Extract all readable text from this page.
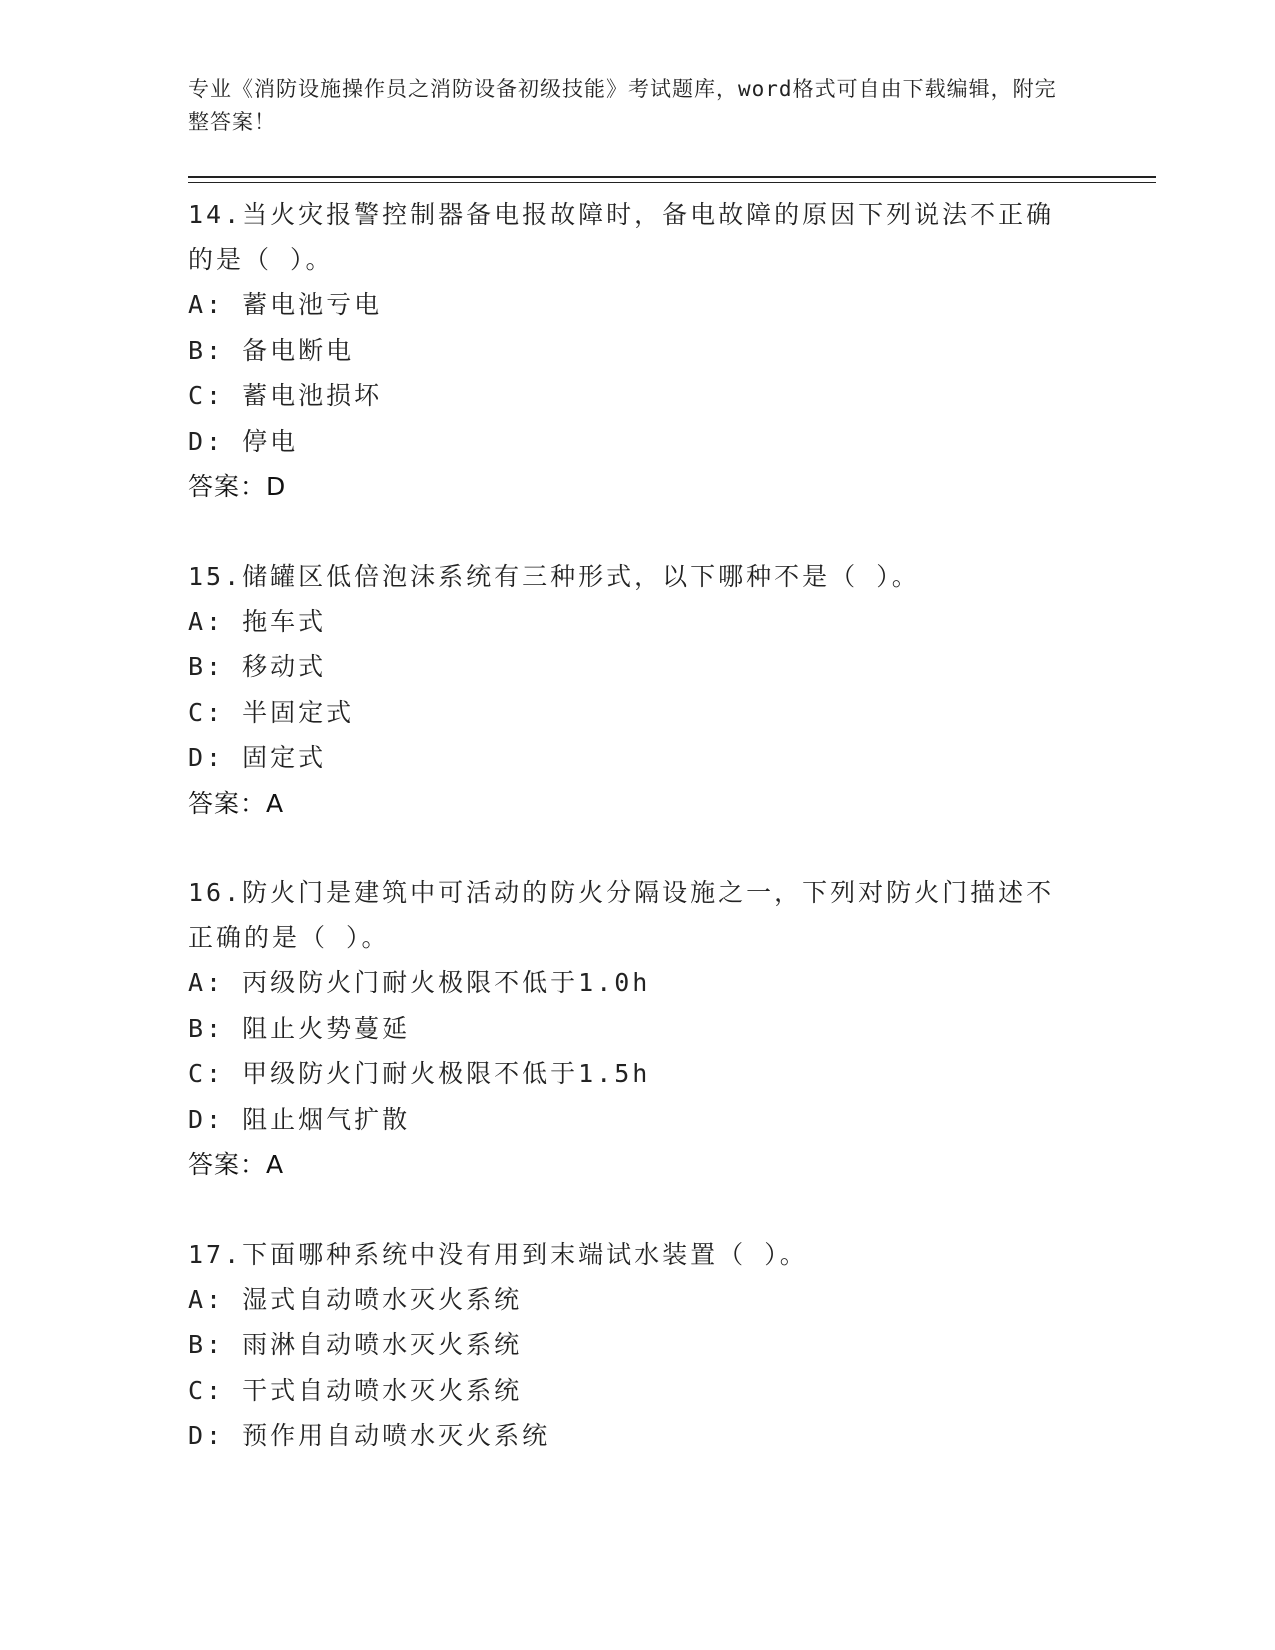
专业《消防设施操作员之消防设备初级技能》考试题库，word格式可自由下载编辑，附完整答案！

14.当火灾报警控制器备电报故障时，备电故障的原因下列说法不正确

的是（ ）。

A: 蓄电池亏电

B: 备电断电

C: 蓄电池损坏

D: 停电

答案：D

15.储罐区低倍泡沫系统有三种形式，以下哪种不是（ ）。

A: 拖车式

B: 移动式

C: 半固定式

D: 固定式

答案：A

16.防火门是建筑中可活动的防火分隔设施之一，下列对防火门描述不

正确的是（ ）。

A: 丙级防火门耐火极限不低于1.0h

B: 阻止火势蔓延

C: 甲级防火门耐火极限不低于1.5h

D: 阻止烟气扩散

答案：A

17.下面哪种系统中没有用到末端试水装置（ ）。

A: 湿式自动喷水灭火系统

B: 雨淋自动喷水灭火系统

C: 干式自动喷水灭火系统

D: 预作用自动喷水灭火系统
